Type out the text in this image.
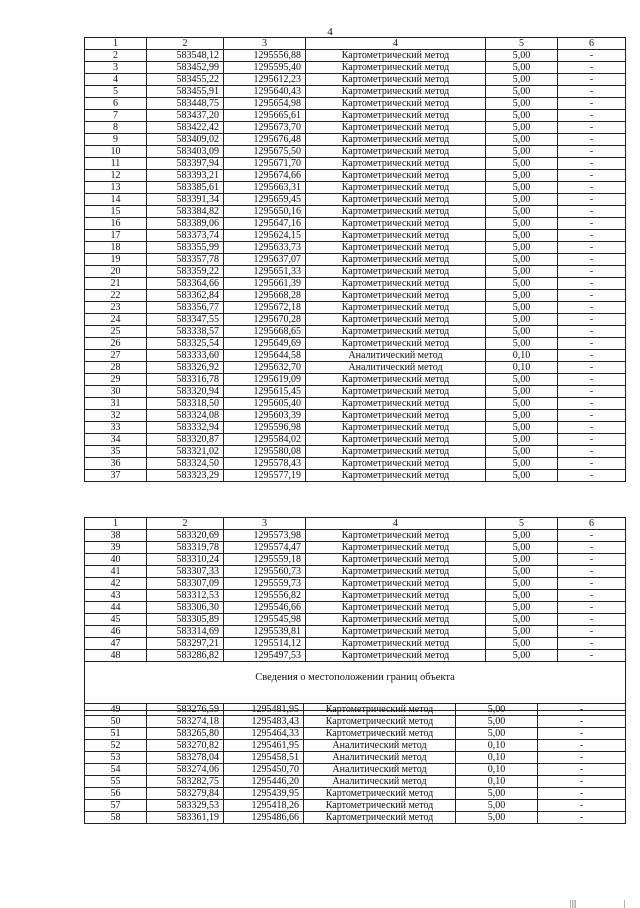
4
1	2	3	4	5	6
2	583548,12	1295556,88	Картометрический метод	5,00	-
3	583452,99	1295595,40	Картометрический метод	5,00	-
4	583455,22	1295612,23	Картометрический метод	5,00	-
5	583455,91	1295640,43	Картометрический метод	5,00	-
6	583448,75	1295654,98	Картометрический метод	5,00	-
7	583437,20	1295665,61	Картометрический метод	5,00	-
8	583422,42	1295673,70	Картометрический метод	5,00	-
9	583409,02	1295676,48	Картометрический метод	5,00	-
10	583403,09	1295675,50	Картометрический метод	5,00	-
11	583397,94	1295671,70	Картометрический метод	5,00	-
12	583393,21	1295674,66	Картометрический метод	5,00	-
13	583385,61	1295663,31	Картометрический метод	5,00	-
14	583391,34	1295659,45	Картометрический метод	5,00	-
15	583384,82	1295650,16	Картометрический метод	5,00	-
16	583389,06	1295647,16	Картометрический метод	5,00	-
17	583373,74	1295624,15	Картометрический метод	5,00	-
18	583355,99	1295633,73	Картометрический метод	5,00	-
19	583357,78	1295637,07	Картометрический метод	5,00	-
20	583359,22	1295651,33	Картометрический метод	5,00	-
21	583364,66	1295661,39	Картометрический метод	5,00	-
22	583362,84	1295668,28	Картометрический метод	5,00	-
23	583356,77	1295672,18	Картометрический метод	5,00	-
24	583347,55	1295670,28	Картометрический метод	5,00	-
25	583338,57	1295668,65	Картометрический метод	5,00	-
26	583325,54	1295649,69	Картометрический метод	5,00	-
27	583333,60	1295644,58	Аналитический метод	0,10	-
28	583326,92	1295632,70	Аналитический метод	0,10	-
29	583316,78	1295619,09	Картометрический метод	5,00	-
30	583320,94	1295615,45	Картометрический метод	5,00	-
31	583318,50	1295605,40	Картометрический метод	5,00	-
32	583324,08	1295603,39	Картометрический метод	5,00	-
33	583332,94	1295596,98	Картометрический метод	5,00	-
34	583320,87	1295584,02	Картометрический метод	5,00	-
35	583321,02	1295580,08	Картометрический метод	5,00	-
36	583324,50	1295578,43	Картометрический метод	5,00	-
37	583323,29	1295577,19	Картометрический метод	5,00	-
1	2	3	4	5	6
38	583320,69	1295573,98	Картометрический метод	5,00	-
39	583319,78	1295574,47	Картометрический метод	5,00	-
40	583310,24	1295559,18	Картометрический метод	5,00	-
41	583307,33	1295560,73	Картометрический метод	5,00	-
42	583307,09	1295559,73	Картометрический метод	5,00	-
43	583312,53	1295556,82	Картометрический метод	5,00	-
44	583306,30	1295546,66	Картометрический метод	5,00	-
45	583305,89	1295545,98	Картометрический метод	5,00	-
46	583314,69	1295539,81	Картометрический метод	5,00	-
47	583297,21	1295514,12	Картометрический метод	5,00	-
48	583286,82	1295497,53	Картометрический метод	5,00	-
Сведения о местоположении границ объекта					

49	583276,59	1295481,95	Картометрический метод	5,00	-
50	583274,18	1295483,43	Картометрический метод	5,00	-
51	583265,80	1295464,33	Картометрический метод	5,00	-
52	583270,82	1295461,95	Аналитический метод	0,10	-
53	583278,04	1295458,51	Аналитический метод	0,10	-
54	583274,06	1295450,70	Аналитический метод	0,10	-
55	583282,75	1295446,20	Аналитический метод	0,10	-
56	583279,84	1295439,95	Картометрический метод	5,00	-
57	583329,53	1295418,26	Картометрический метод	5,00	-
58	583361,19	1295486,66	Картометрический метод	5,00	-
||||	|
